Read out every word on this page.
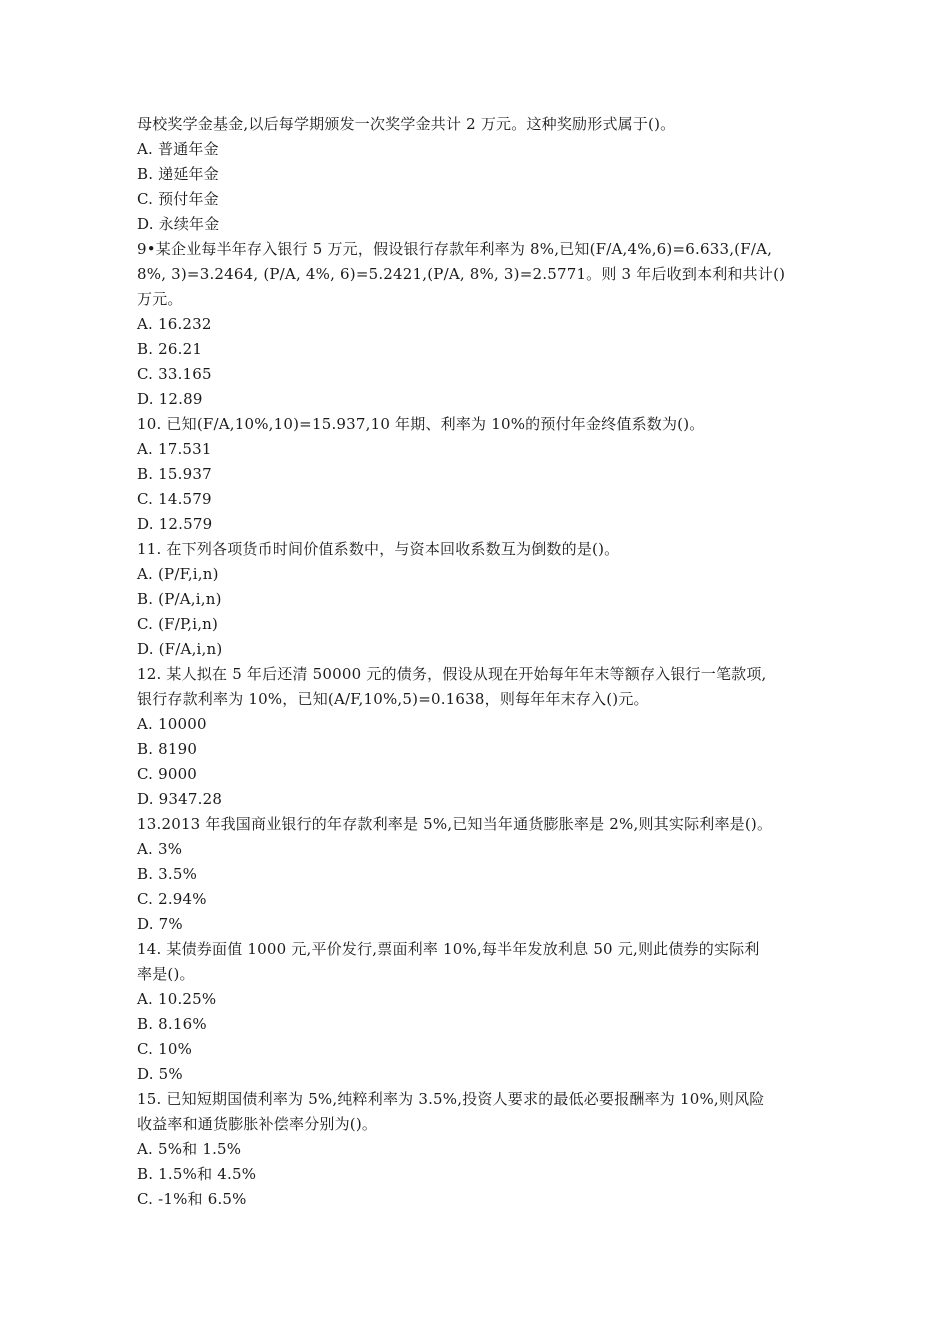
母校奖学金基金,以后每学期颁发一次奖学金共计 2 万元。这种奖励形式属于()。
A. 普通年金
B. 递延年金
C. 预付年金
D. 永续年金
9•某企业每半年存入银行 5 万元，假设银行存款年利率为 8%,已知(F/A,4%,6)=6.633,(F/A,
8%, 3)=3.2464, (P/A, 4%, 6)=5.2421,(P/A, 8%, 3)=2.5771。则 3 年后收到本利和共计()
万元。
A. 16.232
B. 26.21
C. 33.165
D. 12.89
10. 已知(F/A,10%,10)=15.937,10 年期、利率为 10%的预付年金终值系数为()。
A. 17.531
B. 15.937
C. 14.579
D. 12.579
11. 在下列各项货币时间价值系数中，与资本回收系数互为倒数的是()。
A. (P/F,i,n)
B. (P/A,i,n)
C. (F/P,i,n)
D. (F/A,i,n)
12. 某人拟在 5 年后还清 50000 元的债务，假设从现在开始每年年末等额存入银行一笔款项,
银行存款利率为 10%，已知(A/F,10%,5)=0.1638，则每年年末存入()元。
A. 10000
B. 8190
C. 9000
D. 9347.28
13.2013 年我国商业银行的年存款利率是 5%,已知当年通货膨胀率是 2%,则其实际利率是()。
A. 3%
B. 3.5%
C. 2.94%
D. 7%
14. 某债券面值 1000 元,平价发行,票面利率 10%,每半年发放利息 50 元,则此债券的实际利
率是()。
A. 10.25%
B. 8.16%
C. 10%
D. 5%
15. 已知短期国债利率为 5%,纯粹利率为 3.5%,投资人要求的最低必要报酬率为 10%,则风险
收益率和通货膨胀补偿率分别为()。
A. 5%和 1.5%
B. 1.5%和 4.5%
C. -1%和 6.5%
